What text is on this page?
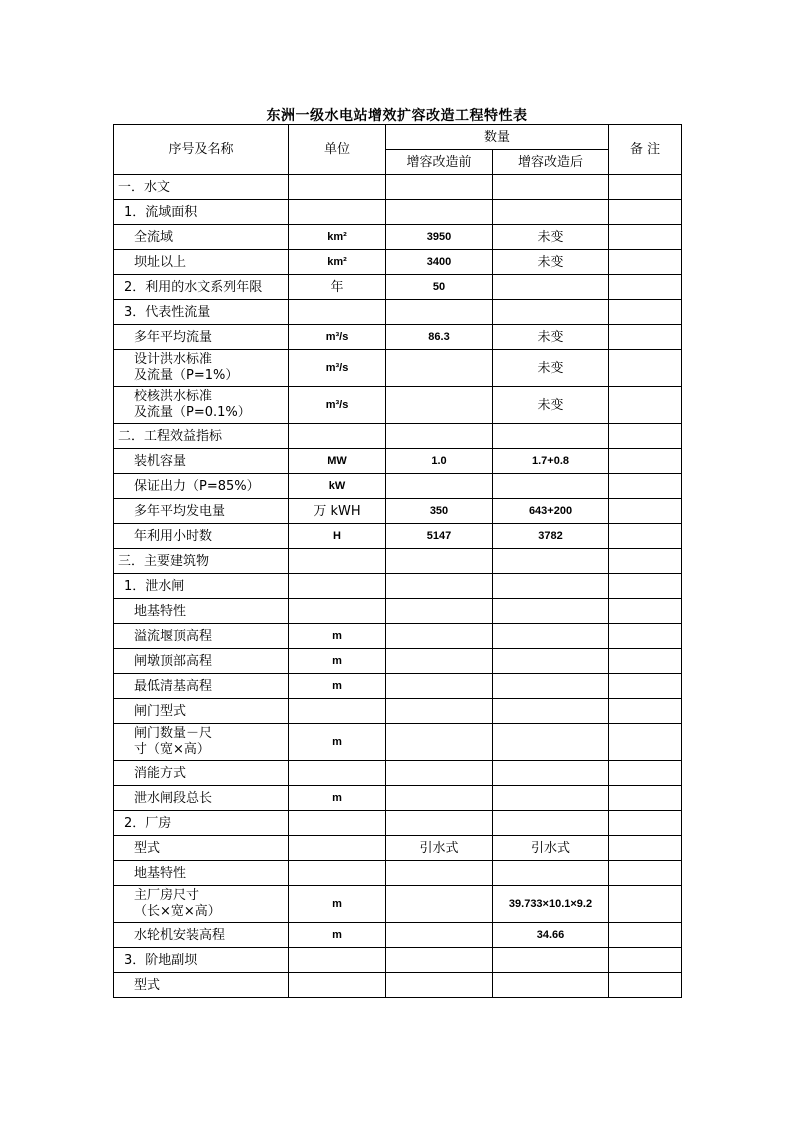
东洲一级水电站增效扩容改造工程特性表
序号及名称	单位	数量		备 注
		增容改造前	增容改造后	
一．水文				
1．流域面积				
全流域	km²	3950	未变	
坝址以上	km²	3400	未变	
2．利用的水文系列年限	年	50		
3．代表性流量				
多年平均流量	m³/s	86.3	未变	
设计洪水标准
及流量（P=1%）	m³/s		未变	
校核洪水标准
及流量（P=0.1%）	m³/s		未变	
二．工程效益指标				
装机容量	MW	1.0	1.7+0.8	
保证出力（P=85%）	kW			
多年平均发电量	万 kWH	350	643+200	
年利用小时数	H	5147	3782	
三．主要建筑物				
1．泄水闸				
地基特性				
溢流堰顶高程	m			
闸墩顶部高程	m			
最低清基高程	m			
闸门型式				
闸门数量－尺
寸（宽×高）	m			
消能方式				
泄水闸段总长	m			
2．厂房				
型式		引水式	引水式	
地基特性				
主厂房尺寸
（长×宽×高）	m		39.733×10.1×9.2	
水轮机安装高程	m		34.66	
3．阶地副坝				
型式				
